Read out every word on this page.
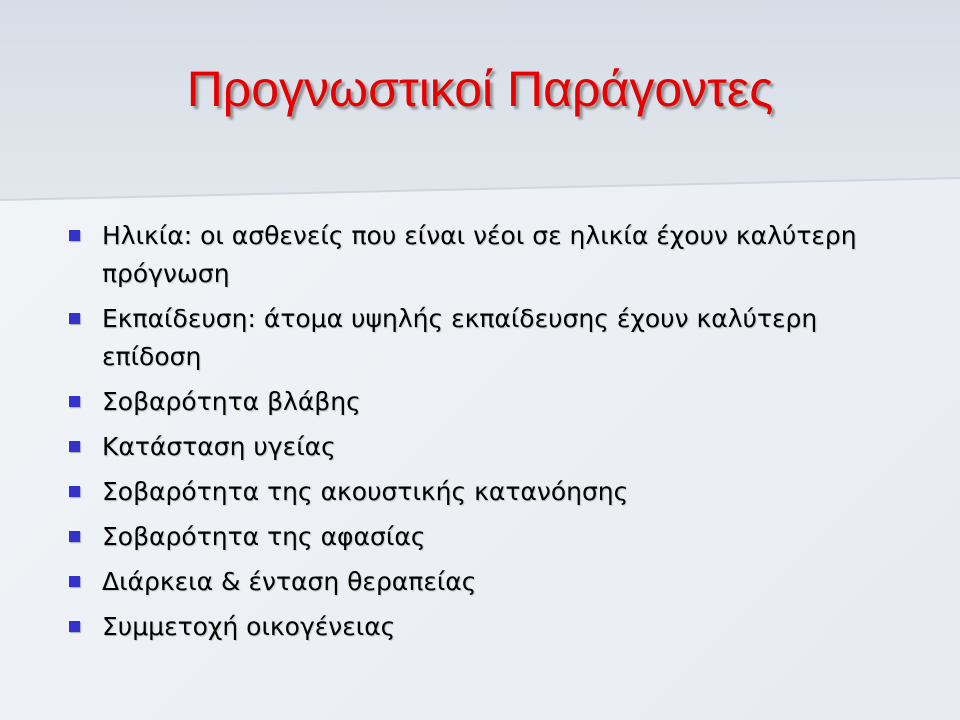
Προγνωστικοί Παράγοντες
Ηλικία: οι ασθενείς που είναι νέοι σε ηλικία έχουν καλύτερη πρόγνωση
Εκπαίδευση: άτομα υψηλής εκπαίδευσης έχουν καλύτερη επίδοση
Σοβαρότητα βλάβης
Κατάσταση υγείας
Σοβαρότητα της ακουστικής κατανόησης
Σοβαρότητα της αφασίας
Διάρκεια & ένταση θεραπείας
Συμμετοχή οικογένειας
